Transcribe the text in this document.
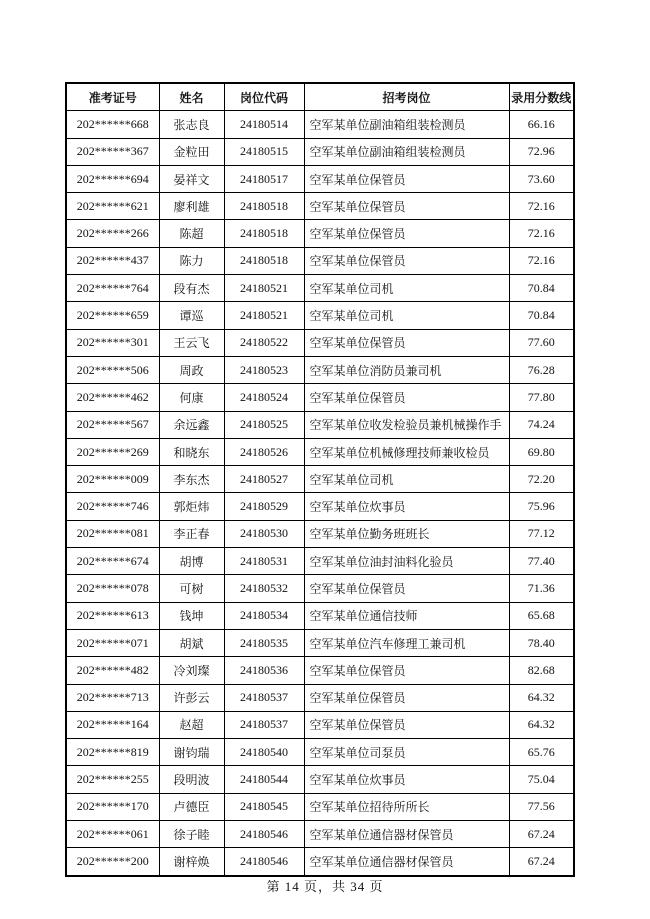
准考证号	姓名	岗位代码	招考岗位	录用分数线
202******668	张志良	24180514	空军某单位副油箱组装检测员	66.16
202******367	金粒田	24180515	空军某单位副油箱组装检测员	72.96
202******694	晏祥文	24180517	空军某单位保管员	73.60
202******621	廖利雄	24180518	空军某单位保管员	72.16
202******266	陈超	24180518	空军某单位保管员	72.16
202******437	陈力	24180518	空军某单位保管员	72.16
202******764	段有杰	24180521	空军某单位司机	70.84
202******659	谭巡	24180521	空军某单位司机	70.84
202******301	王云飞	24180522	空军某单位保管员	77.60
202******506	周政	24180523	空军某单位消防员兼司机	76.28
202******462	何康	24180524	空军某单位保管员	77.80
202******567	余远鑫	24180525	空军某单位收发检验员兼机械操作手	74.24
202******269	和晓东	24180526	空军某单位机械修理技师兼收检员	69.80
202******009	李东杰	24180527	空军某单位司机	72.20
202******746	郭炬炜	24180529	空军某单位炊事员	75.96
202******081	李正春	24180530	空军某单位勤务班班长	77.12
202******674	胡博	24180531	空军某单位油封油料化验员	77.40
202******078	可树	24180532	空军某单位保管员	71.36
202******613	钱坤	24180534	空军某单位通信技师	65.68
202******071	胡斌	24180535	空军某单位汽车修理工兼司机	78.40
202******482	冷刘璨	24180536	空军某单位保管员	82.68
202******713	许彭云	24180537	空军某单位保管员	64.32
202******164	赵超	24180537	空军某单位保管员	64.32
202******819	谢钧瑞	24180540	空军某单位司泵员	65.76
202******255	段明波	24180544	空军某单位炊事员	75.04
202******170	卢德臣	24180545	空军某单位招待所所长	77.56
202******061	徐子睦	24180546	空军某单位通信器材保管员	67.24
202******200	谢梓焕	24180546	空军某单位通信器材保管员	67.24
第 14 页，共 34 页
